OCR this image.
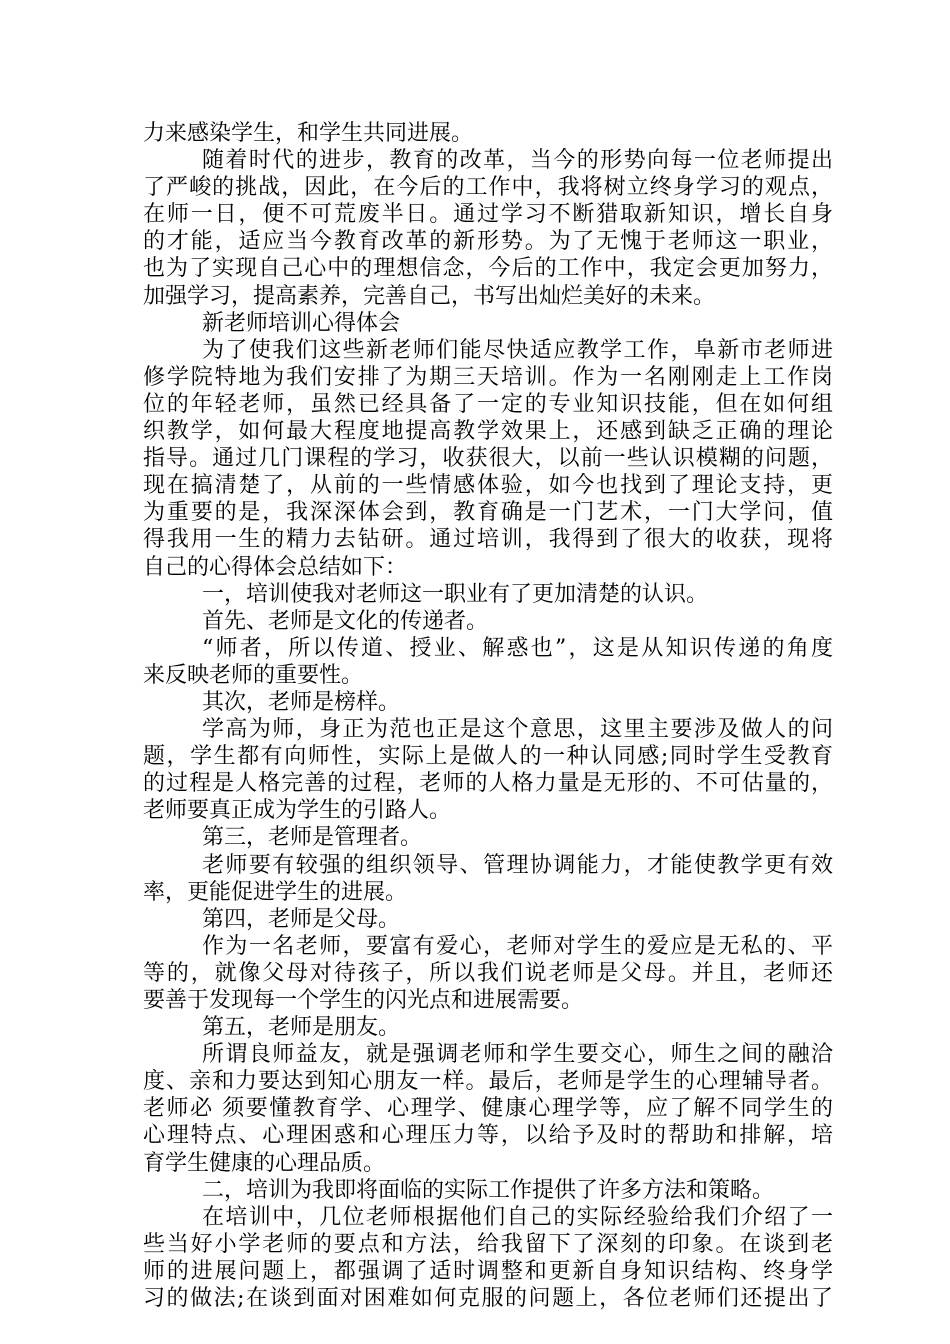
力来感染学生，和学生共同进展。
随着时代的进步，教育的改革，当今的形势向每一位老师提出
了严峻的挑战，因此，在今后的工作中，我将树立终身学习的观点，
在师一日，便不可荒废半日。通过学习不断猎取新知识，增长自身
的才能，适应当今教育改革的新形势。为了无愧于老师这一职业，
也为了实现自己心中的理想信念，今后的工作中，我定会更加努力，
加强学习，提高素养，完善自己，书写出灿烂美好的未来。
新老师培训心得体会
为了使我们这些新老师们能尽快适应教学工作，阜新市老师进
修学院特地为我们安排了为期三天培训。作为一名刚刚走上工作岗
位的年轻老师，虽然已经具备了一定的专业知识技能，但在如何组
织教学，如何最大程度地提高教学效果上，还感到缺乏正确的理论
指导。通过几门课程的学习，收获很大，以前一些认识模糊的问题，
现在搞清楚了，从前的一些情感体验，如今也找到了理论支持，更
为重要的是，我深深体会到，教育确是一门艺术，一门大学问，值
得我用一生的精力去钻研。通过培训，我得到了很大的收获，现将
自己的心得体会总结如下：
一，培训使我对老师这一职业有了更加清楚的认识。
首先、老师是文化的传递者。
“师者，所以传道、授业、解惑也”，这是从知识传递的角度
来反映老师的重要性。
其次，老师是榜样。
学高为师，身正为范也正是这个意思，这里主要涉及做人的问
题，学生都有向师性，实际上是做人的一种认同感;同时学生受教育
的过程是人格完善的过程，老师的人格力量是无形的、不可估量的，
老师要真正成为学生的引路人。
第三，老师是管理者。
老师要有较强的组织领导、管理协调能力，才能使教学更有效
率，更能促进学生的进展。
第四，老师是父母。
作为一名老师，要富有爱心，老师对学生的爱应是无私的、平
等的，就像父母对待孩子，所以我们说老师是父母。并且，老师还
要善于发现每一个学生的闪光点和进展需要。
第五，老师是朋友。
所谓良师益友，就是强调老师和学生要交心，师生之间的融洽
度、亲和力要达到知心朋友一样。最后，老师是学生的心理辅导者。
老师必 须要懂教育学、心理学、健康心理学等，应了解不同学生的
心理特点、心理困惑和心理压力等，以给予及时的帮助和排解，培
育学生健康的心理品质。
二，培训为我即将面临的实际工作提供了许多方法和策略。
在培训中，几位老师根据他们自己的实际经验给我们介绍了一
些当好小学老师的要点和方法，给我留下了深刻的印象。在谈到老
师的进展问题上，都强调了适时调整和更新自身知识结构、终身学
习的做法;在谈到面对困难如何克服的问题上，各位老师们还提出了
